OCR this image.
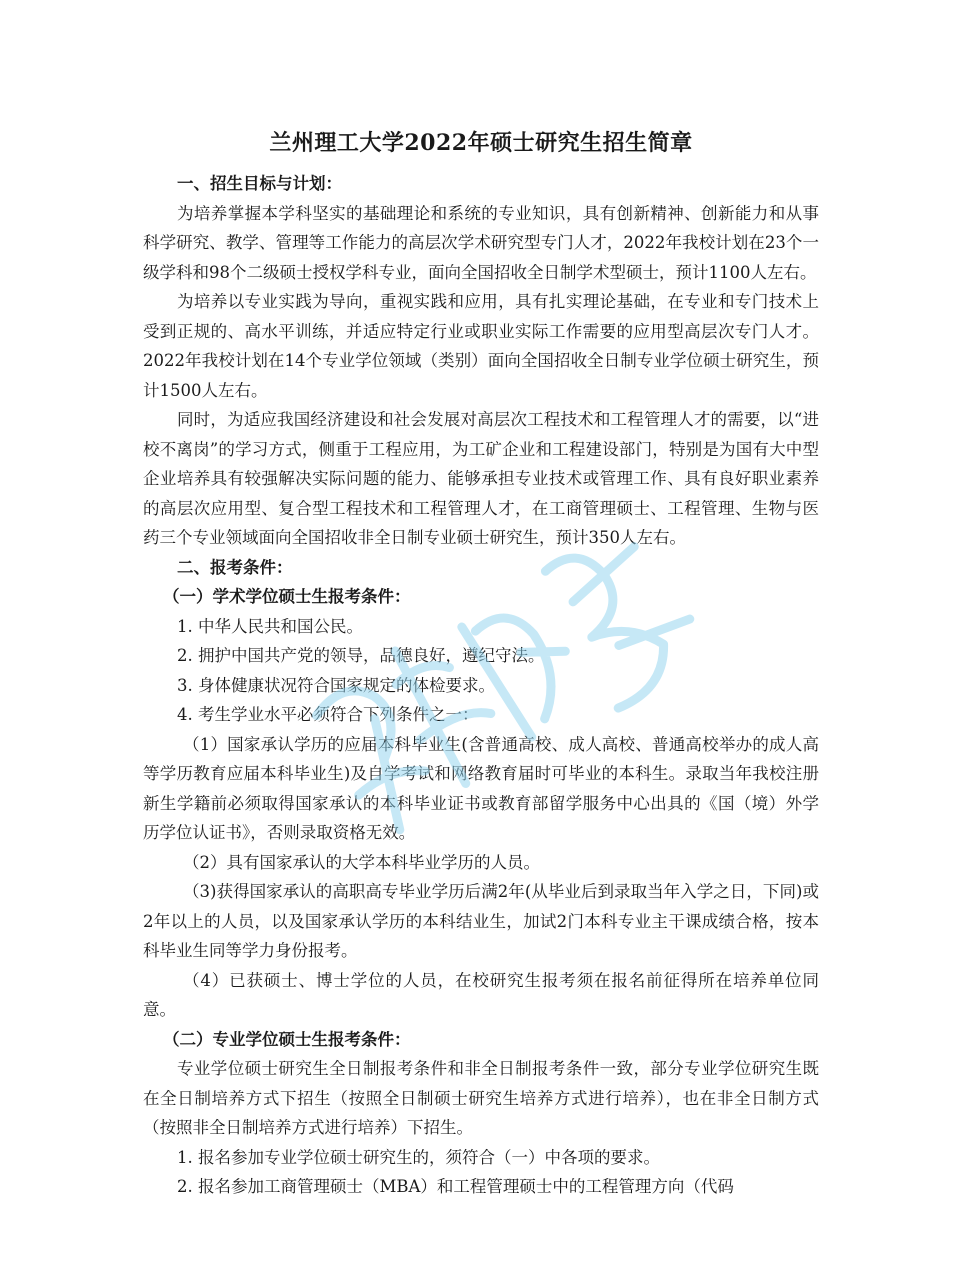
兰州理工大学2022年硕士研究生招生简章

一、招生目标与计划：

为培养掌握本学科坚实的基础理论和系统的专业知识，具有创新精神、创新能力和从事科学研究、教学、管理等工作能力的高层次学术研究型专门人才，2022年我校计划在23个一级学科和98个二级硕士授权学科专业，面向全国招收全日制学术型硕士，预计1100人左右。

为培养以专业实践为导向，重视实践和应用，具有扎实理论基础，在专业和专门技术上受到正规的、高水平训练，并适应特定行业或职业实际工作需要的应用型高层次专门人才。2022年我校计划在14个专业学位领域（类别）面向全国招收全日制专业学位硕士研究生，预计1500人左右。

同时，为适应我国经济建设和社会发展对高层次工程技术和工程管理人才的需要，以“进校不离岗”的学习方式，侧重于工程应用，为工矿企业和工程建设部门，特别是为国有大中型企业培养具有较强解决实际问题的能力、能够承担专业技术或管理工作、具有良好职业素养的高层次应用型、复合型工程技术和工程管理人才，在工商管理硕士、工程管理、生物与医药三个专业领域面向全国招收非全日制专业硕士研究生，预计350人左右。

二、报考条件：

（一）学术学位硕士生报考条件：

1. 中华人民共和国公民。

2. 拥护中国共产党的领导，品德良好，遵纪守法。

3. 身体健康状况符合国家规定的体检要求。

4. 考生学业水平必须符合下列条件之一：

（1）国家承认学历的应届本科毕业生(含普通高校、成人高校、普通高校举办的成人高等学历教育应届本科毕业生)及自学考试和网络教育届时可毕业的本科生。录取当年我校注册新生学籍前必须取得国家承认的本科毕业证书或教育部留学服务中心出具的《国（境）外学历学位认证书》，否则录取资格无效。

（2）具有国家承认的大学本科毕业学历的人员。

（3)获得国家承认的高职高专毕业学历后满2年(从毕业后到录取当年入学之日，下同)或2年以上的人员，以及国家承认学历的本科结业生，加试2门本科专业主干课成绩合格，按本科毕业生同等学力身份报考。

（4）已获硕士、博士学位的人员，在校研究生报考须在报名前征得所在培养单位同意。

（二）专业学位硕士生报考条件：

专业学位硕士研究生全日制报考条件和非全日制报考条件一致，部分专业学位研究生既在全日制培养方式下招生（按照全日制硕士研究生培养方式进行培养），也在非全日制方式（按照非全日制培养方式进行培养）下招生。

1. 报名参加专业学位硕士研究生的，须符合（一）中各项的要求。

2. 报名参加工商管理硕士（MBA）和工程管理硕士中的工程管理方向（代码
